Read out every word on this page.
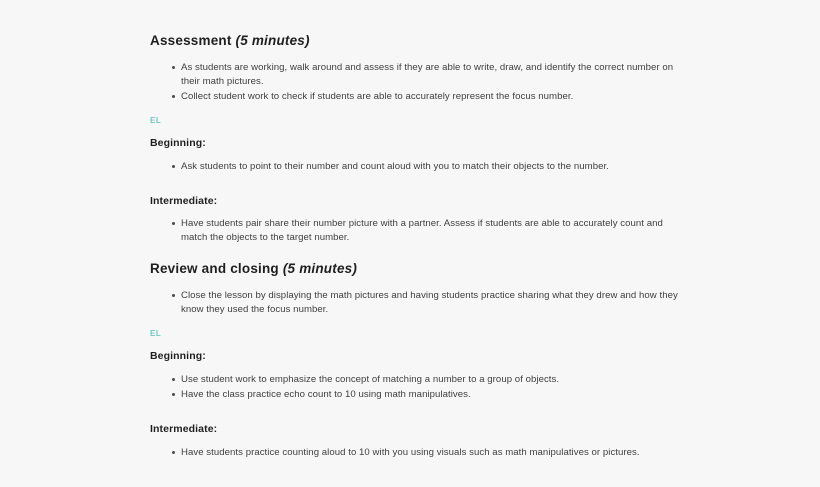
Assessment (5 minutes)
As students are working, walk around and assess if they are able to write, draw, and identify the correct number on their math pictures.
Collect student work to check if students are able to accurately represent the focus number.
EL
Beginning:
Ask students to point to their number and count aloud with you to match their objects to the number.
Intermediate:
Have students pair share their number picture with a partner. Assess if students are able to accurately count and match the objects to the target number.
Review and closing (5 minutes)
Close the lesson by displaying the math pictures and having students practice sharing what they drew and how they know they used the focus number.
EL
Beginning:
Use student work to emphasize the concept of matching a number to a group of objects.
Have the class practice echo count to 10 using math manipulatives.
Intermediate:
Have students practice counting aloud to 10 with you using visuals such as math manipulatives or pictures.
